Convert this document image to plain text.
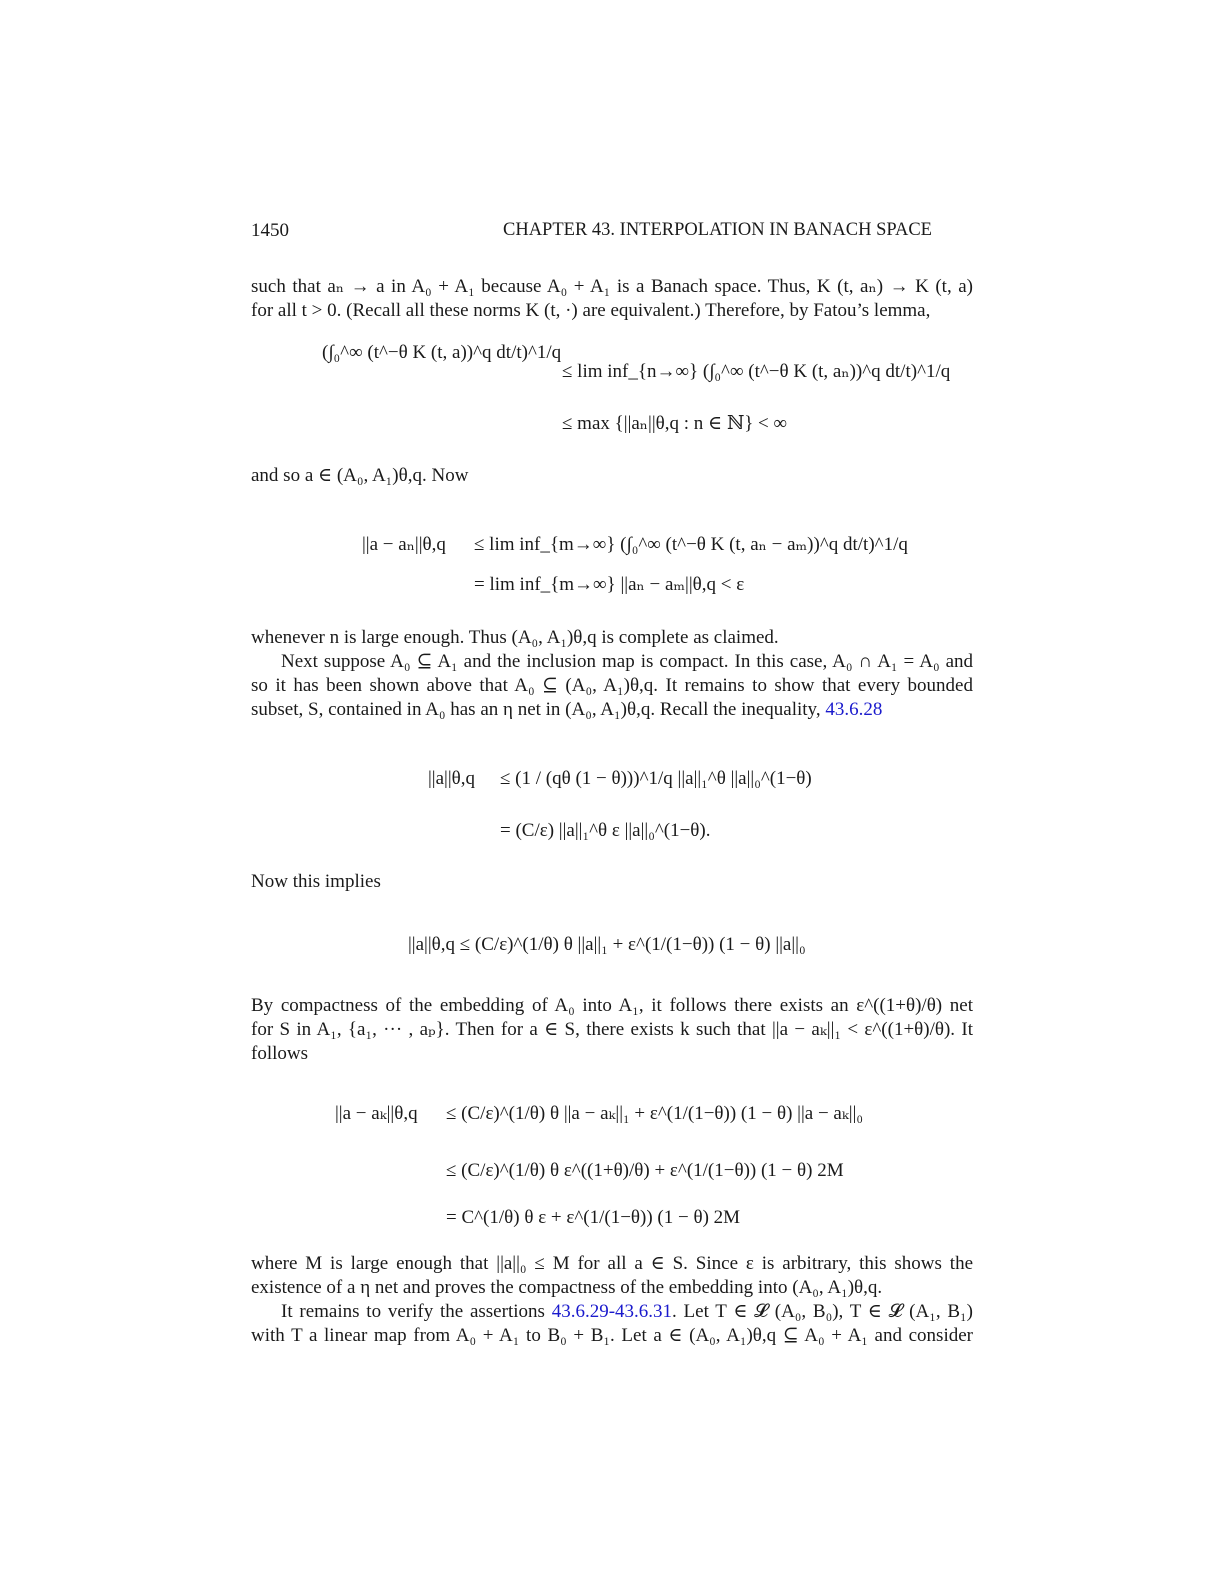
1450	CHAPTER 43. INTERPOLATION IN BANACH SPACE
such that aₙ → a in A₀ + A₁ because A₀ + A₁ is a Banach space. Thus, K (t, aₙ) → K (t, a)
for all t > 0. (Recall all these norms K (t, ·) are equivalent.) Therefore, by Fatou’s lemma,
(∫₀^∞ (t^−θ K (t, a))^q dt/t)^1/q
≤ lim inf_{n→∞} (∫₀^∞ (t^−θ K (t, aₙ))^q dt/t)^1/q
≤ max {||aₙ||θ,q : n ∈ ℕ} < ∞
and so a ∈ (A₀, A₁)θ,q. Now
||a − aₙ||θ,q ≤ lim inf_{m→∞} (∫₀^∞ (t^−θ K (t, aₙ − aₘ))^q dt/t)^1/q
= lim inf_{m→∞} ||aₙ − aₘ||θ,q < ε
whenever n is large enough. Thus (A₀, A₁)θ,q is complete as claimed.
Next suppose A₀ ⊆ A₁ and the inclusion map is compact. In this case, A₀ ∩ A₁ = A₀ and
so it has been shown above that A₀ ⊆ (A₀, A₁)θ,q. It remains to show that every bounded
subset, S, contained in A₀ has an η net in (A₀, A₁)θ,q. Recall the inequality, 43.6.28
||a||θ,q ≤ (1 / (qθ (1 − θ)))^1/q ||a||₁^θ ||a||₀^(1−θ)
= (C/ε) ||a||₁^θ ε ||a||₀^(1−θ).
Now this implies
||a||θ,q ≤ (C/ε)^(1/θ) θ ||a||₁ + ε^(1/(1−θ)) (1 − θ) ||a||₀
By compactness of the embedding of A₀ into A₁, it follows there exists an ε^((1+θ)/θ) net
for S in A₁, {a₁, ··· , aₚ}. Then for a ∈ S, there exists k such that ||a − aₖ||₁ < ε^((1+θ)/θ). It
follows
||a − aₖ||θ,q ≤ (C/ε)^(1/θ) θ ||a − aₖ||₁ + ε^(1/(1−θ)) (1 − θ) ||a − aₖ||₀
≤ (C/ε)^(1/θ) θ ε^((1+θ)/θ) + ε^(1/(1−θ)) (1 − θ) 2M
= C^(1/θ) θ ε + ε^(1/(1−θ)) (1 − θ) 2M
where M is large enough that ||a||₀ ≤ M for all a ∈ S. Since ε is arbitrary, this shows the
existence of a η net and proves the compactness of the embedding into (A₀, A₁)θ,q.
It remains to verify the assertions 43.6.29-43.6.31. Let T ∈ 𝓛 (A₀, B₀), T ∈ 𝓛 (A₁, B₁)
with T a linear map from A₀ + A₁ to B₀ + B₁. Let a ∈ (A₀, A₁)θ,q ⊆ A₀ + A₁ and consider
